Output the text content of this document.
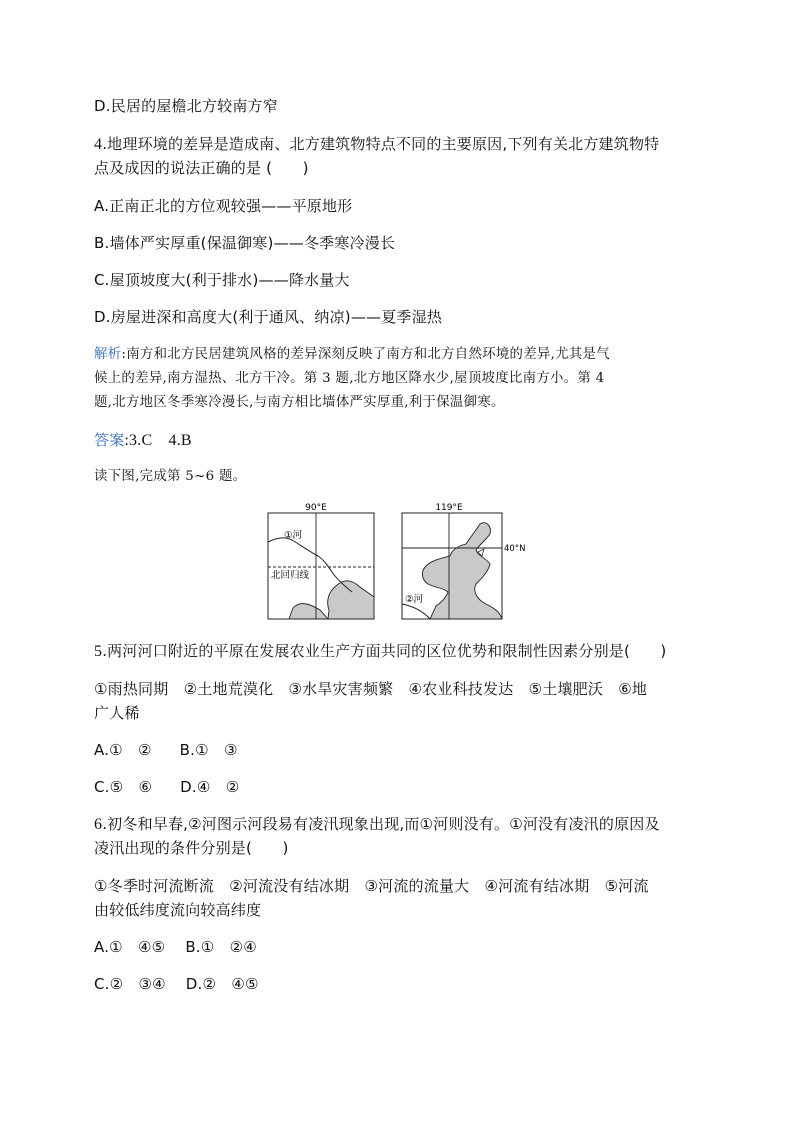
D.民居的屋檐北方较南方窄
4.地理环境的差异是造成南、北方建筑物特点不同的主要原因,下列有关北方建筑物特
点及成因的说法正确的是 (　　)
A.正南正北的方位观较强——平原地形
B.墙体严实厚重(保温御寒)——冬季寒冷漫长
C.屋顶坡度大(利于排水)——降水量大
D.房屋进深和高度大(利于通风、纳凉)——夏季湿热
解析:南方和北方民居建筑风格的差异深刻反映了南方和北方自然环境的差异,尤其是气
候上的差异,南方湿热、北方干冷。第 3 题,北方地区降水少,屋顶坡度比南方小。第 4
题,北方地区冬季寒冷漫长,与南方相比墙体严实厚重,利于保温御寒。
答案:3.C　4.B
读下图,完成第 5~6 题。
90°E
①河
北回归线
119°E
40°N
②河
5.两河河口附近的平原在发展农业生产方面共同的区位优势和限制性因素分别是(　　)
①雨热同期　②土地荒漠化　③水旱灾害频繁　④农业科技发达　⑤土壤肥沃　⑥地
广人稀
A.①　② B.①　③
C.⑤　⑥ D.④　②
6.初冬和早春,②河图示河段易有凌汛现象出现,而①河则没有。①河没有凌汛的原因及
凌汛出现的条件分别是(　　)
①冬季时河流断流　②河流没有结冰期　③河流的流量大　④河流有结冰期　⑤河流
由较低纬度流向较高纬度
A.①　④⑤ B.①　②④
C.②　③④ D.②　④⑤
